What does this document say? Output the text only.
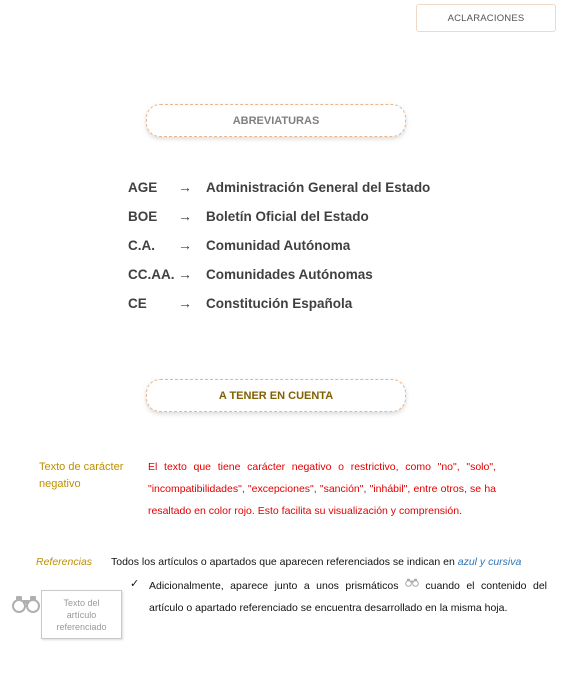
ACLARACIONES
ABREVIATURAS
AGE → Administración General del Estado
BOE → Boletín Oficial del Estado
C.A. → Comunidad Autónoma
CC.AA. → Comunidades Autónomas
CE → Constitución Española
A TENER EN CUENTA
Texto de carácter negativo
El texto que tiene carácter negativo o restrictivo, como "no", "solo", "incompatibilidades", "excepciones", "sanción", "inhábil", entre otros, se ha resaltado en color rojo. Esto facilita su visualización y comprensión.
Referencias Todos los artículos o apartados que aparecen referenciados se indican en azul y cursiva
✓ Adicionalmente, aparece junto a unos prismáticos  cuando el contenido del artículo o apartado referenciado se encuentra desarrollado en la misma hoja.
Texto del
artículo
referenciado
